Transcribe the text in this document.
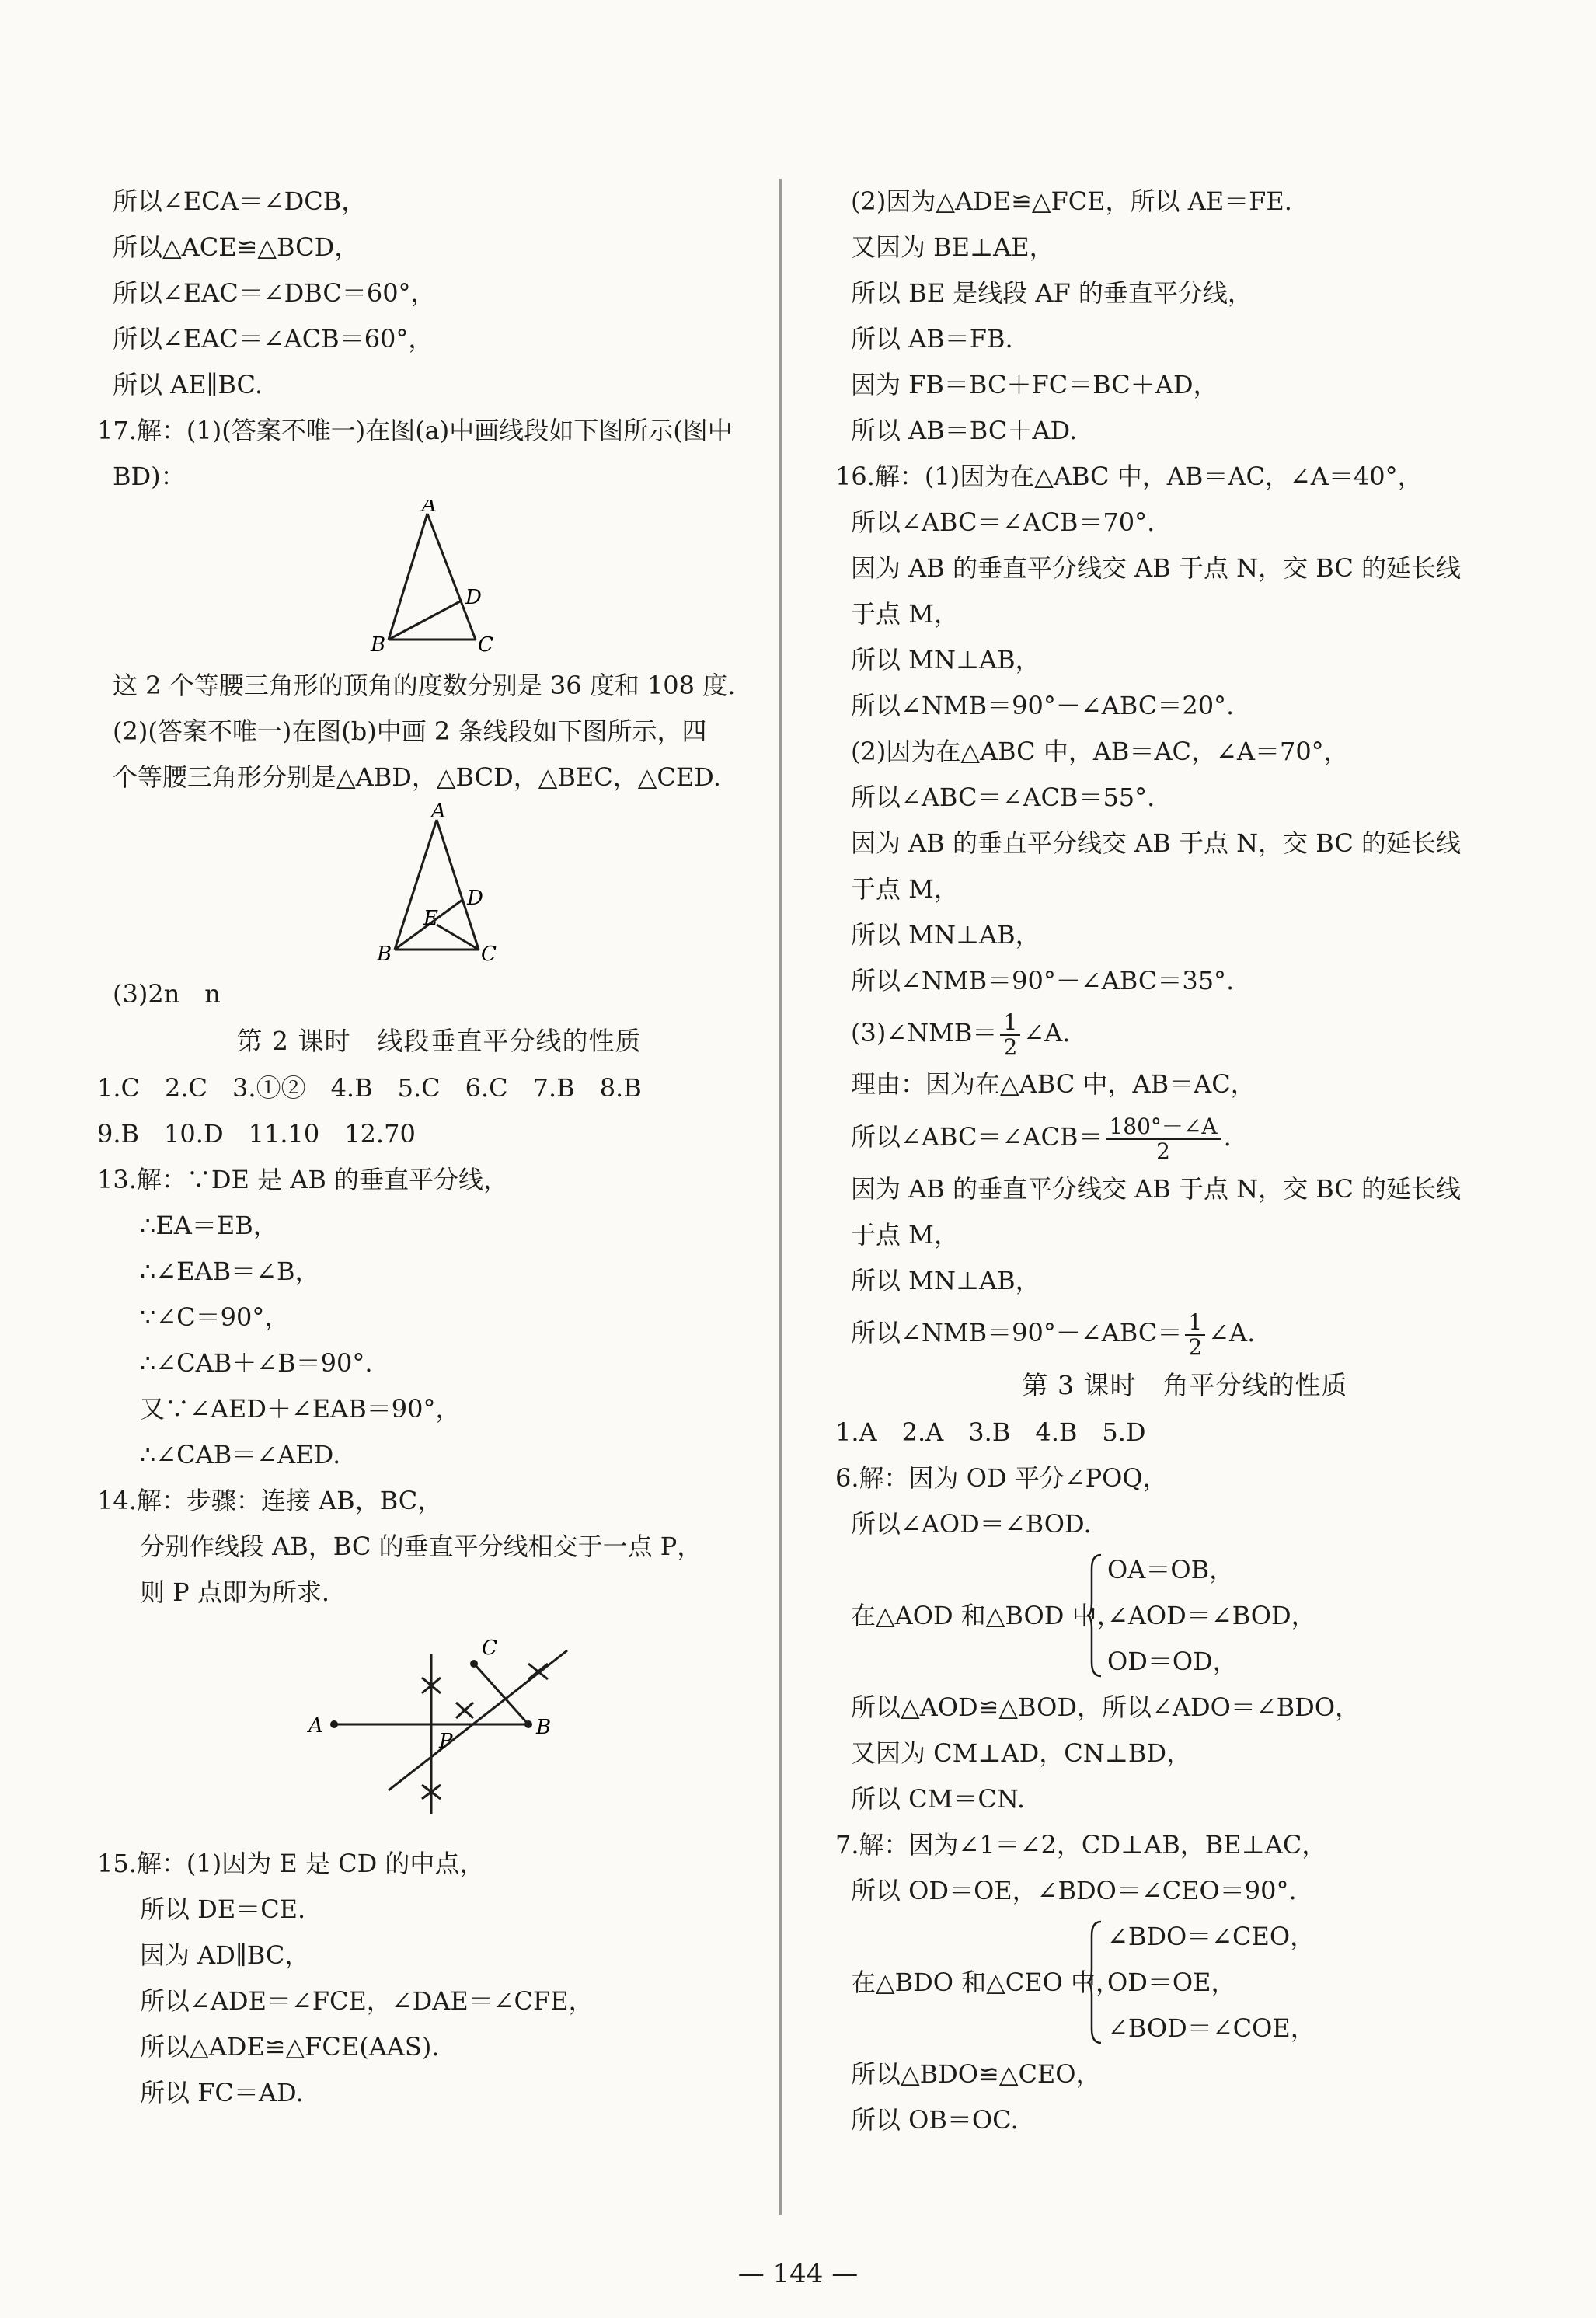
所以∠ECA＝∠DCB，
所以△ACE≌△BCD，
所以∠EAC＝∠DBC＝60°，
所以∠EAC＝∠ACB＝60°，
所以 AE∥BC.
17.解：(1)(答案不唯一)在图(a)中画线段如下图所示(图中
BD)：
A
B	C
D
这 2 个等腰三角形的顶角的度数分别是 36 度和 108 度.
(2)(答案不唯一)在图(b)中画 2 条线段如下图所示，四
个等腰三角形分别是△ABD，△BCD，△BEC，△CED.
A
B	C
D
E
(3)2n　n
第 2 课时　线段垂直平分线的性质
1.C　2.C　3.①②　4.B　5.C　6.C　7.B　8.B
9.B　10.D　11.10　12.70
13.解：∵DE 是 AB 的垂直平分线，
∴EA＝EB，
∴∠EAB＝∠B，
∵∠C＝90°，
∴∠CAB＋∠B＝90°.
又∵∠AED＋∠EAB＝90°，
∴∠CAB＝∠AED.
14.解：步骤：连接 AB，BC，
分别作线段 AB，BC 的垂直平分线相交于一点 P，
则 P 点即为所求.
A	B
C
P
15.解：(1)因为 E 是 CD 的中点，
所以 DE＝CE.
因为 AD∥BC，
所以∠ADE＝∠FCE，∠DAE＝∠CFE，
所以△ADE≌△FCE(AAS).
所以 FC＝AD.
(2)因为△ADE≌△FCE，所以 AE＝FE.
又因为 BE⊥AE，
所以 BE 是线段 AF 的垂直平分线，
所以 AB＝FB.
因为 FB＝BC＋FC＝BC＋AD，
所以 AB＝BC＋AD.
16.解：(1)因为在△ABC 中，AB＝AC，∠A＝40°，
所以∠ABC＝∠ACB＝70°.
因为 AB 的垂直平分线交 AB 于点 N，交 BC 的延长线
于点 M，
所以 MN⊥AB，
所以∠NMB＝90°－∠ABC＝20°.
(2)因为在△ABC 中，AB＝AC，∠A＝70°，
所以∠ABC＝∠ACB＝55°.
因为 AB 的垂直平分线交 AB 于点 N，交 BC 的延长线
于点 M，
所以 MN⊥AB，
所以∠NMB＝90°－∠ABC＝35°.
(3)∠NMB＝ $\frac{1}{2}$ ∠A.
理由：因为在△ABC 中，AB＝AC，
所以∠ABC＝∠ACB＝ $\frac{180^\circ-\angle A}{2}$ .
因为 AB 的垂直平分线交 AB 于点 N，交 BC 的延长线
于点 M，
所以 MN⊥AB，
所以∠NMB＝90°－∠ABC＝ $\frac{1}{2}$ ∠A.
第 3 课时　角平分线的性质
1.A　2.A　3.B　4.B　5.D
6.解：因为 OD 平分∠POQ，
所以∠AOD＝∠BOD.
在△AOD 和△BOD 中，
OA＝OB，
∠AOD＝∠BOD，
OD＝OD，
所以△AOD≌△BOD，所以∠ADO＝∠BDO，
又因为 CM⊥AD，CN⊥BD，
所以 CM＝CN.
7.解：因为∠1＝∠2，CD⊥AB，BE⊥AC，
所以 OD＝OE，∠BDO＝∠CEO＝90°.
在△BDO 和△CEO 中，
∠BDO＝∠CEO，
OD＝OE，
∠BOD＝∠COE，
所以△BDO≌△CEO，
所以 OB＝OC.
— 144 —
